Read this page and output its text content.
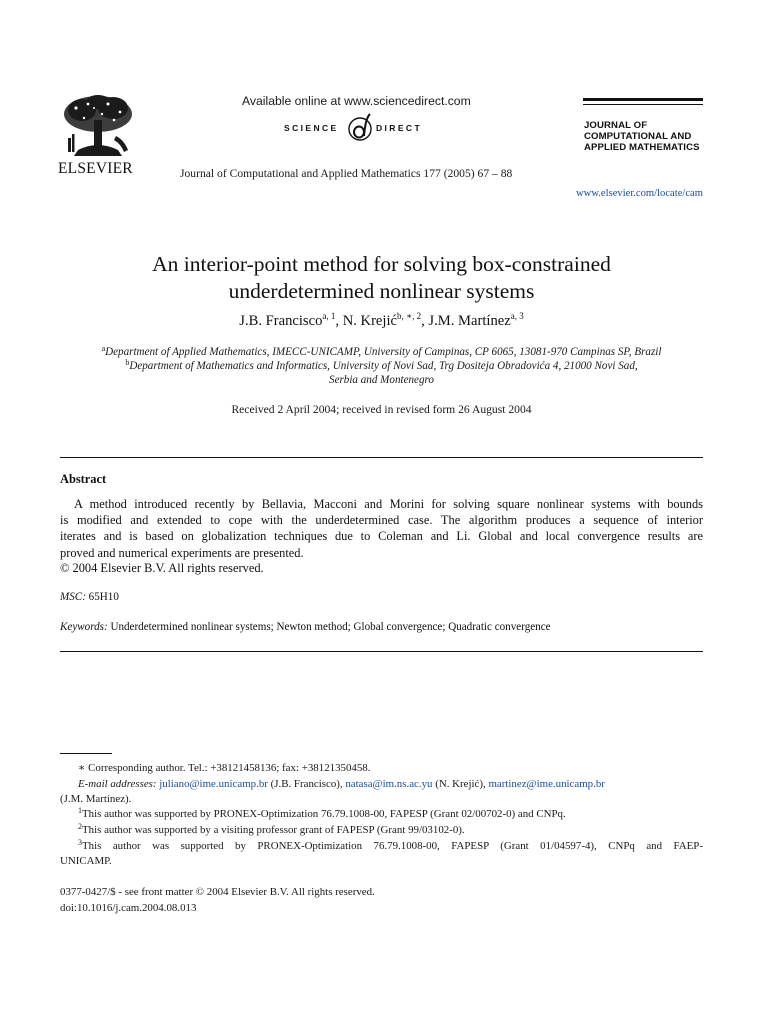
ELSEVIER
Available online at www.sciencedirect.com
SCIENCE	DIRECT
Journal of Computational and Applied Mathematics 177 (2005) 67 – 88
JOURNAL OF
COMPUTATIONAL AND
APPLIED MATHEMATICS
www.elsevier.com/locate/cam
An interior-point method for solving box-constrained
underdetermined nonlinear systems
J.B. Francisco$^{a, 1}$, N. Krejić$^{b, ∗, 2}$, J.M. Martínez$^{a, 3}$
$^a$Department of Applied Mathematics, IMECC-UNICAMP, University of Campinas, CP 6065, 13081-970 Campinas SP, Brazil
$^b$Department of Mathematics and Informatics, University of Novi Sad, Trg Dositeja Obradovića 4, 21000 Novi Sad,
Serbia and Montenegro
Received 2 April 2004; received in revised form 26 August 2004
Abstract
A method introduced recently by Bellavia, Macconi and Morini for solving square nonlinear systems with bounds
is modified and extended to cope with the underdetermined case. The algorithm produces a sequence of interior
iterates and is based on globalization techniques due to Coleman and Li. Global and local convergence results are
proved and numerical experiments are presented.
© 2004 Elsevier B.V. All rights reserved.
MSC: 65H10
Keywords: Underdetermined nonlinear systems; Newton method; Global convergence; Quadratic convergence
∗ Corresponding author. Tel.: +38121458136; fax: +38121350458.
E-mail addresses: juliano@ime.unicamp.br (J.B. Francisco), natasa@im.ns.ac.yu (N. Krejić), martinez@ime.unicamp.br
(J.M. Martínez).
$^1$This author was supported by PRONEX-Optimization 76.79.1008-00, FAPESP (Grant 02/00702-0) and CNPq.
$^2$This author was supported by a visiting professor grant of FAPESP (Grant 99/03102-0).
$^3$This author was supported by PRONEX-Optimization 76.79.1008-00, FAPESP (Grant 01/04597-4), CNPq and FAEP-
UNICAMP.
0377-0427/$ - see front matter © 2004 Elsevier B.V. All rights reserved.
doi:10.1016/j.cam.2004.08.013
